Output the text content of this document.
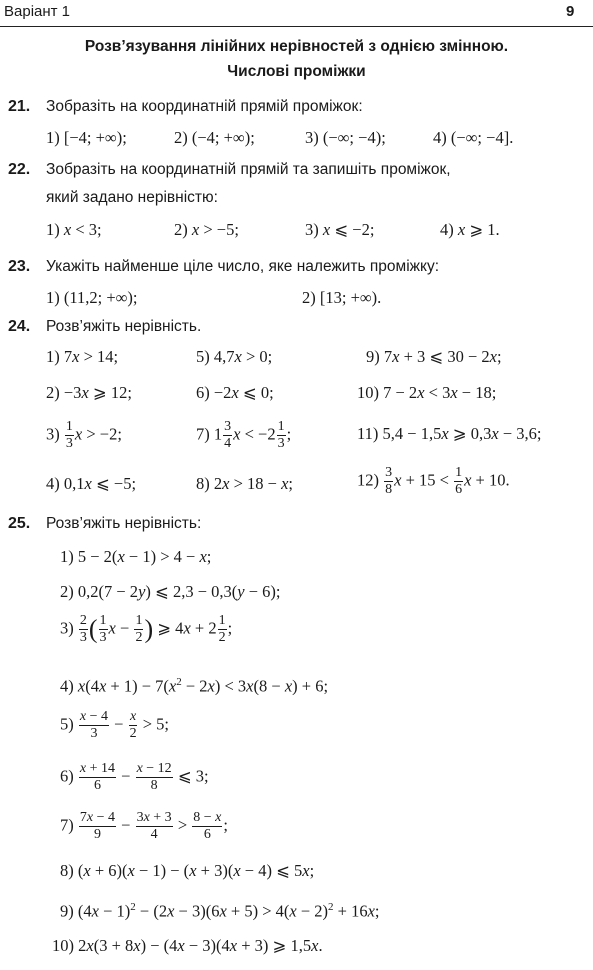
Варіант 1	9
Розв’язування лінійних нерівностей з однією змінною.
Числові проміжки
21. Зобразіть на координатній прямій проміжок:
1) [−4; +∞);	2) (−4; +∞);	3) (−∞; −4);	4) (−∞; −4].
22. Зобразіть на координатній прямій та запишіть проміжок,
який задано нерівністю:
1) x < 3;	2) x > −5;	3) x ⩽ −2;	4) x ⩾ 1.
23. Укажіть найменше ціле число, яке належить проміжку:
1) (11,2; +∞);	2) [13; +∞).
24. Розв’яжіть нерівність.
1) 7x > 14;	5) 4,7x > 0;	9) 7x + 3 ⩽ 30 − 2x;
2) −3x ⩾ 12;	6) −2x ⩽ 0;	10) 7 − 2x < 3x − 18;
$3) \frac{1}{3}$ x > −2;	7) $1 \frac{3}{4}$ $x < -2 \frac{1}{3}$ ;	11) 5,4 − 1,5x ⩾ 0,3x − 3,6;
4) 0,1x ⩽ −5;	8) 2x > 18 − x;	$12) \frac{3}{8}$ $x + 15 < \frac{1}{6}$ x + 10.
25. Розв’яжіть нерівність:
1) 5 − 2(x − 1) > 4 − x;
2) 0,2(7 − 2y) ⩽ 2,3 − 0,3(y − 6);
$3) \frac{2}{3}$ ( $\frac{1}{3}$ $x - \frac{1}{2}$ ) ⩾ $4x + 2 \frac{1}{2}$ ;
4) $x(4x + 1) - 7(x^2 - 2x) < 3x(8 - x) + 6$;
$5) \frac{x - 4}{3} - \frac{x}{2} > 5$;
$6) \frac{x + 14}{6} - \frac{x - 12}{8}$ ⩽ 3;
$7) \frac{7x - 4}{9} - \frac{3x + 3}{4} > \frac{8 - x}{6}$ ;
8) (x + 6)(x − 1) − (x + 3)(x − 4) ⩽ 5x;
9) $(4x - 1)^2 - (2x - 3)(6x + 5) > 4(x - 2)^2 + 16x$;
10) 2x(3 + 8x) − (4x − 3)(4x + 3) ⩾ 1,5x.
